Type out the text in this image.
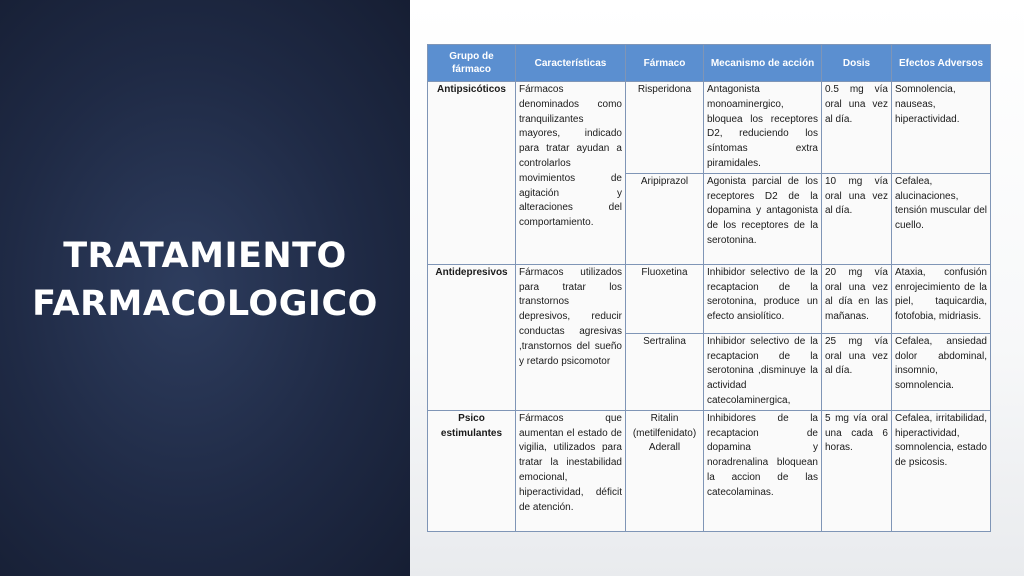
TRATAMIENTO
FARMACOLOGICO
Grupo de fármaco	Características	Fármaco	Mecanismo de acción	Dosis	Efectos Adversos
Antipsicóticos	Fármacos denominados como tranquilizantes mayores, indicado para tratar ayudan a controlarlos movimientos de agitación y alteraciones del comportamiento.	Risperidona	Antagonista monoaminergico, bloquea los receptores D2, reduciendo los síntomas extra piramidales.	0.5 mg vía oral una vez al día.	Somnolencia, nauseas, hiperactividad.
		Aripiprazol	Agonista parcial de los receptores D2 de la dopamina y antagonista de los receptores de la serotonina.	10 mg vía oral una vez al día.	Cefalea, alucinaciones, tensión muscular del cuello.
Antidepresivos	Fármacos utilizados para tratar los transtornos depresivos, reducir conductas agresivas ,transtornos del sueño y retardo psicomotor	Fluoxetina	Inhibidor selectivo de la recaptacion de la serotonina, produce un efecto ansiolítico.	20 mg vía oral una vez al día en las mañanas.	Ataxia, confusión enrojecimiento de la piel, taquicardia, fotofobia, midriasis.
		Sertralina	Inhibidor selectivo de la recaptacion de la serotonina ,disminuye la actividad catecolaminergica,	25 mg vía oral una vez al día.	Cefalea, ansiedad dolor abdominal, insomnio, somnolencia.
Psico estimulantes	Fármacos que aumentan el estado de vigilia, utilizados para tratar la inestabilidad emocional, hiperactividad, déficit de atención.	Ritalin (metilfenidato) Aderall	Inhibidores de la recaptacion de dopamina y noradrenalina bloquean la accion de las catecolaminas.	5 mg vía oral una cada 6 horas.	Cefalea, irritabilidad, hiperactividad, somnolencia, estado de psicosis.
